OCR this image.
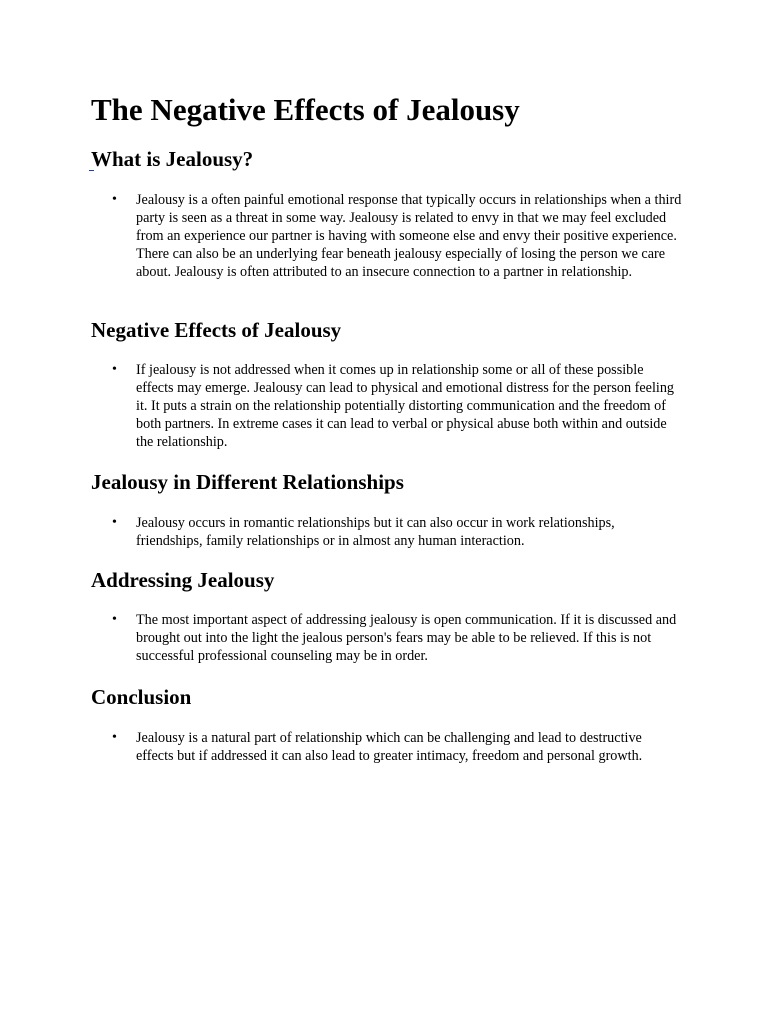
The Negative Effects of Jealousy
What is Jealousy?
• Jealousy is a often painful emotional response that typically occurs in relationships when a third party is seen as a threat in some way. Jealousy is related to envy in that we may feel excluded from an experience our partner is having with someone else and envy their positive experience. There can also be an underlying fear beneath jealousy especially of losing the person we care about. Jealousy is often attributed to an insecure connection to a partner in relationship.
Negative Effects of Jealousy
• If jealousy is not addressed when it comes up in relationship some or all of these possible effects may emerge. Jealousy can lead to physical and emotional distress for the person feeling it. It puts a strain on the relationship potentially distorting communication and the freedom of both partners. In extreme cases it can lead to verbal or physical abuse both within and outside the relationship.
Jealousy in Different Relationships
• Jealousy occurs in romantic relationships but it can also occur in work relationships, friendships, family relationships or in almost any human interaction.
Addressing Jealousy
• The most important aspect of addressing jealousy is open communication. If it is discussed and brought out into the light the jealous person's fears may be able to be relieved. If this is not successful professional counseling may be in order.
Conclusion
• Jealousy is a natural part of relationship which can be challenging and lead to destructive effects but if addressed it can also lead to greater intimacy, freedom and personal growth.
